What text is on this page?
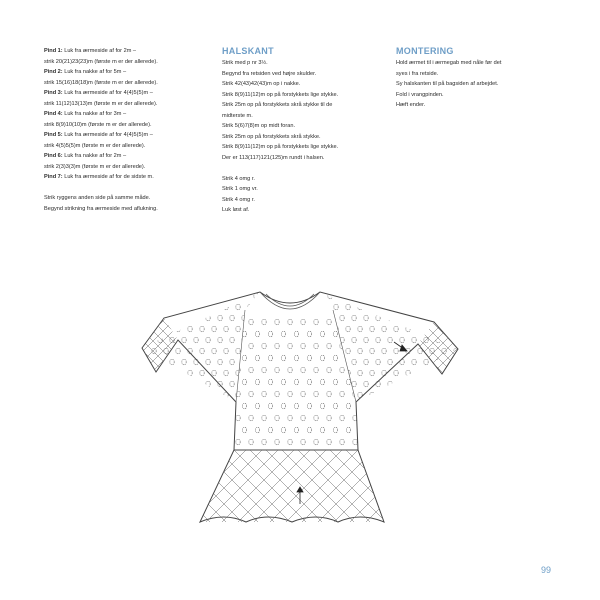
Pind 1: Luk fra ærmeside af for 2m –
strik 20(21)23(23)m (første m er der allerede).
Pind 2: Luk fra nakke af for 5m –
strik 15(16)18(18)m (første m er der allerede).
Pind 3: Luk fra ærmeside af for 4(4)5(5)m –
strik 11(12)13(13)m (første m er der allerede).
Pind 4: Luk fra nakke af for 3m –
strik 8(9)10(10)m (første m er der allerede).
Pind 5: Luk fra ærmeside af for 4(4)5(5)m –
strik 4(5)5(5)m (første m er der allerede).
Pind 6: Luk fra nakke af for 2m –
strik 2(3)3(3)m (første m er der allerede).
Pind 7: Luk fra ærmeside af for de sidste m.
Strik ryggens anden side på samme måde.
Begynd strikning fra ærmeside med aflukning.
HALSKANT
Strik med p nr 3½.
Begynd fra retsiden ved højre skulder.
Strik 42(43)42(43)m op i nakke.
Strik 8(9)11(12)m op på forstykkets lige stykke.
Strik 25m op på forstykkets skrå stykke til de
midterste m.
Strik 5(6)7(8)m op midt foran.
Strik 25m op på forstykkets skrå stykke.
Strik 8(9)11(12)m op på forstykkets lige stykke.
Der er 113(117)121(125)m rundt i halsen.
Strik 4 omg r.
Strik 1 omg vr.
Strik 4 omg r.
Luk løst af.
MONTERING
Hold ærmet til i ærmegab med nåle før det
syes i fra retside.
Sy halskanten til på bagsiden af arbejdet.
Fold i vrangpinden.
Hæft ender.
99
